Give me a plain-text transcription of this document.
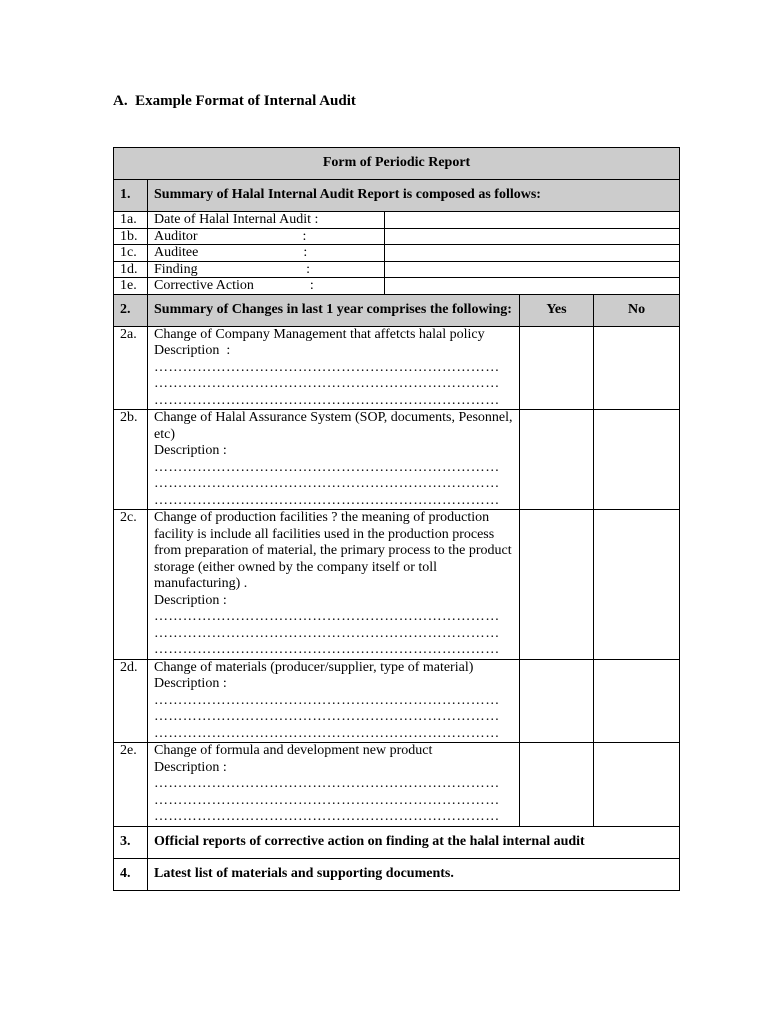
A.  Example Format of Internal Audit
Form of Periodic Report				
1.	Summary of Halal Internal Audit Report is composed as follows:			
1a.	Date of Halal Internal Audit :			
1b.	Auditor                              :			
1c.	Auditee                              :			
1d.	Finding                               :			
1e.	Corrective Action                :			
2.	Summary of Changes in last 1 year comprises the following:		Yes	No
2a.	Change of Company Management that affetcts halal policy
Description  :
………………………………………………………………
………………………………………………………………
………………………………………………………………			

2b.	Change of Halal Assurance System (SOP, documents, Pesonnel, etc)
Description :
………………………………………………………………
………………………………………………………………
………………………………………………………………			

2c.	Change of production facilities ? the meaning of production facility is include all facilities used in the production process from preparation of material, the primary process to the product storage (either owned by the company itself or toll manufacturing) .
Description :
………………………………………………………………
………………………………………………………………
………………………………………………………………			

2d.	Change of materials (producer/supplier, type of material)
Description :
………………………………………………………………
………………………………………………………………
………………………………………………………………			

2e.	Change of formula and development new product
Description :
………………………………………………………………
………………………………………………………………
………………………………………………………………			

3.	Official reports of corrective action on finding at the halal internal audit			
4.	Latest list of materials and supporting documents.			
